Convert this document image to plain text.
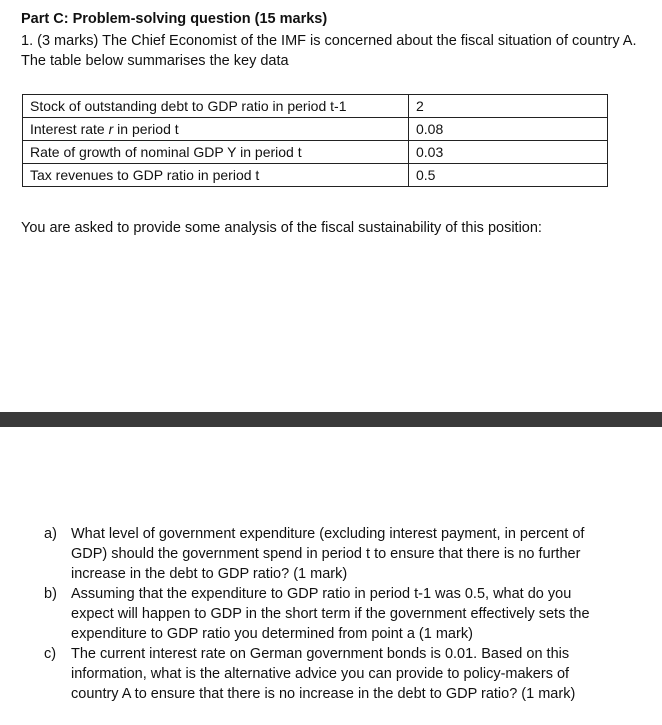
Part C: Problem-solving question (15 marks)
1. (3 marks) The Chief Economist of the IMF is concerned about the fiscal situation of country A. The table below summarises the key data
Stock of outstanding debt to GDP ratio in period t-1	2
Interest rate r in period t	0.08
Rate of growth of nominal GDP Y in period t	0.03
Tax revenues to GDP ratio in period t	0.5
You are asked to provide some analysis of the fiscal sustainability of this position:
a) What level of government expenditure (excluding interest payment, in percent of GDP) should the government spend in period t to ensure that there is no further increase in the debt to GDP ratio? (1 mark)
b) Assuming that the expenditure to GDP ratio in period t-1 was 0.5, what do you expect will happen to GDP in the short term if the government effectively sets the expenditure to GDP ratio you determined from point a (1 mark)
c) The current interest rate on German government bonds is 0.01. Based on this information, what is the alternative advice you can provide to policy-makers of country A to ensure that there is no increase in the debt to GDP ratio? (1 mark)
